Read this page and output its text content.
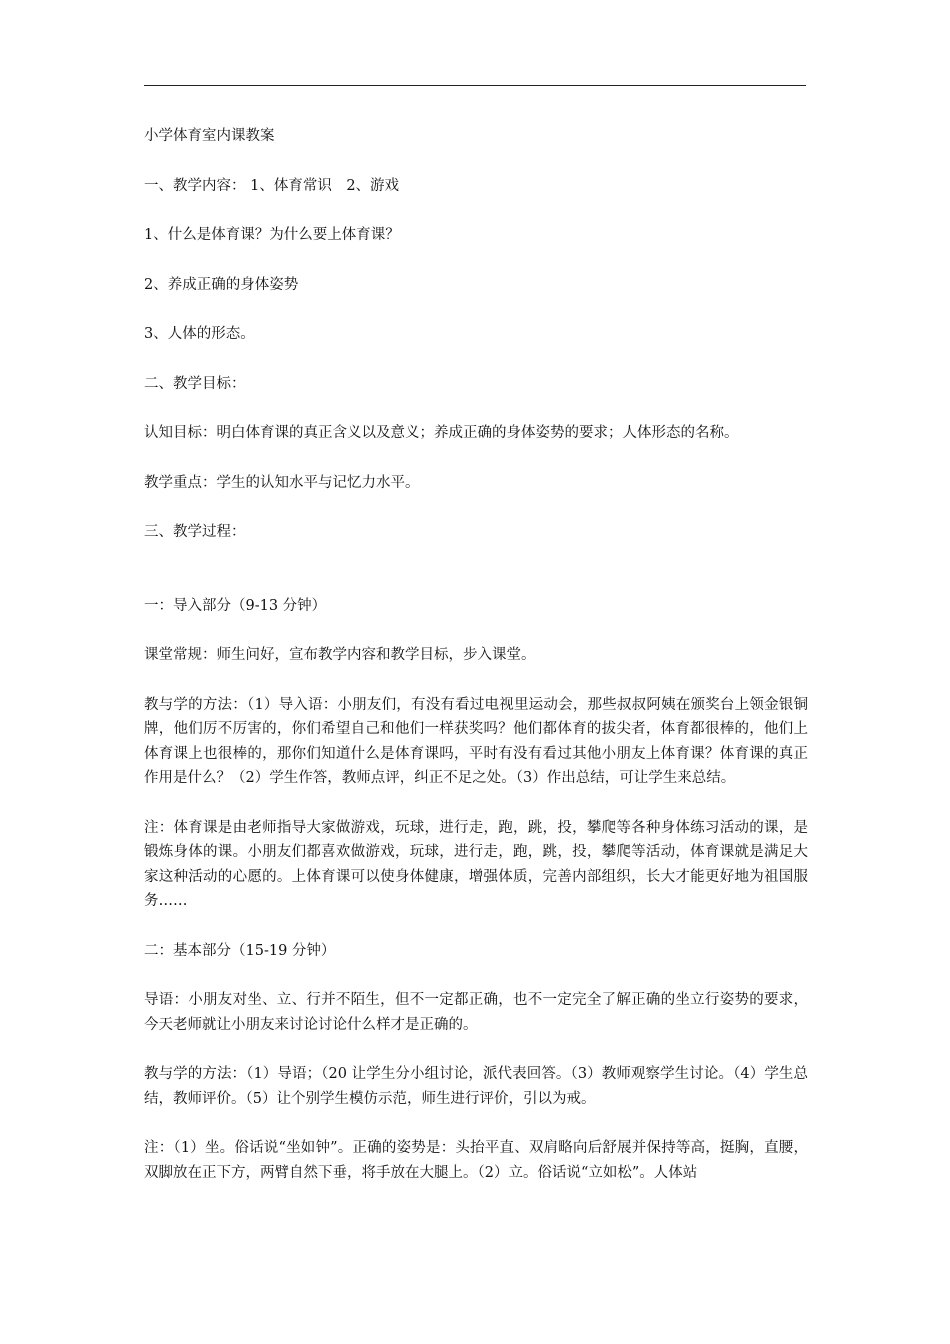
小学体育室内课教案

一、教学内容： 1、体育常识　2、游戏

1、什么是体育课？为什么要上体育课？

2、养成正确的身体姿势

3、人体的形态。

二、教学目标：

认知目标：明白体育课的真正含义以及意义；养成正确的身体姿势的要求；人体形态的名称。

教学重点：学生的认知水平与记忆力水平。

三、教学过程：

一：导入部分（9-13 分钟）

课堂常规：师生问好，宣布教学内容和教学目标，步入课堂。

教与学的方法：（1）导入语：小朋友们，有没有看过电视里运动会，那些叔叔阿姨在颁奖台上领金银铜牌，他们厉不厉害的，你们希望自己和他们一样获奖吗？他们都体育的拔尖者，体育都很棒的，他们上体育课上也很棒的，那你们知道什么是体育课吗，平时有没有看过其他小朋友上体育课？体育课的真正作用是什么？（2）学生作答，教师点评，纠正不足之处。（3）作出总结，可让学生来总结。

注：体育课是由老师指导大家做游戏，玩球，进行走，跑，跳，投，攀爬等各种身体练习活动的课，是锻炼身体的课。小朋友们都喜欢做游戏，玩球，进行走，跑，跳，投，攀爬等活动，体育课就是满足大家这种活动的心愿的。上体育课可以使身体健康，增强体质，完善内部组织，长大才能更好地为祖国服务……

二：基本部分（15-19 分钟）

导语：小朋友对坐、立、行并不陌生，但不一定都正确，也不一定完全了解正确的坐立行姿势的要求，今天老师就让小朋友来讨论讨论什么样才是正确的。

教与学的方法：（1）导语；（20 让学生分小组讨论，派代表回答。（3）教师观察学生讨论。（4）学生总结，教师评价。（5）让个别学生模仿示范，师生进行评价，引以为戒。

注：（1）坐。俗话说“坐如钟”。正确的姿势是：头抬平直、双肩略向后舒展并保持等高，挺胸，直腰，双脚放在正下方，两臂自然下垂，将手放在大腿上。（2）立。俗话说“立如松”。人体站
